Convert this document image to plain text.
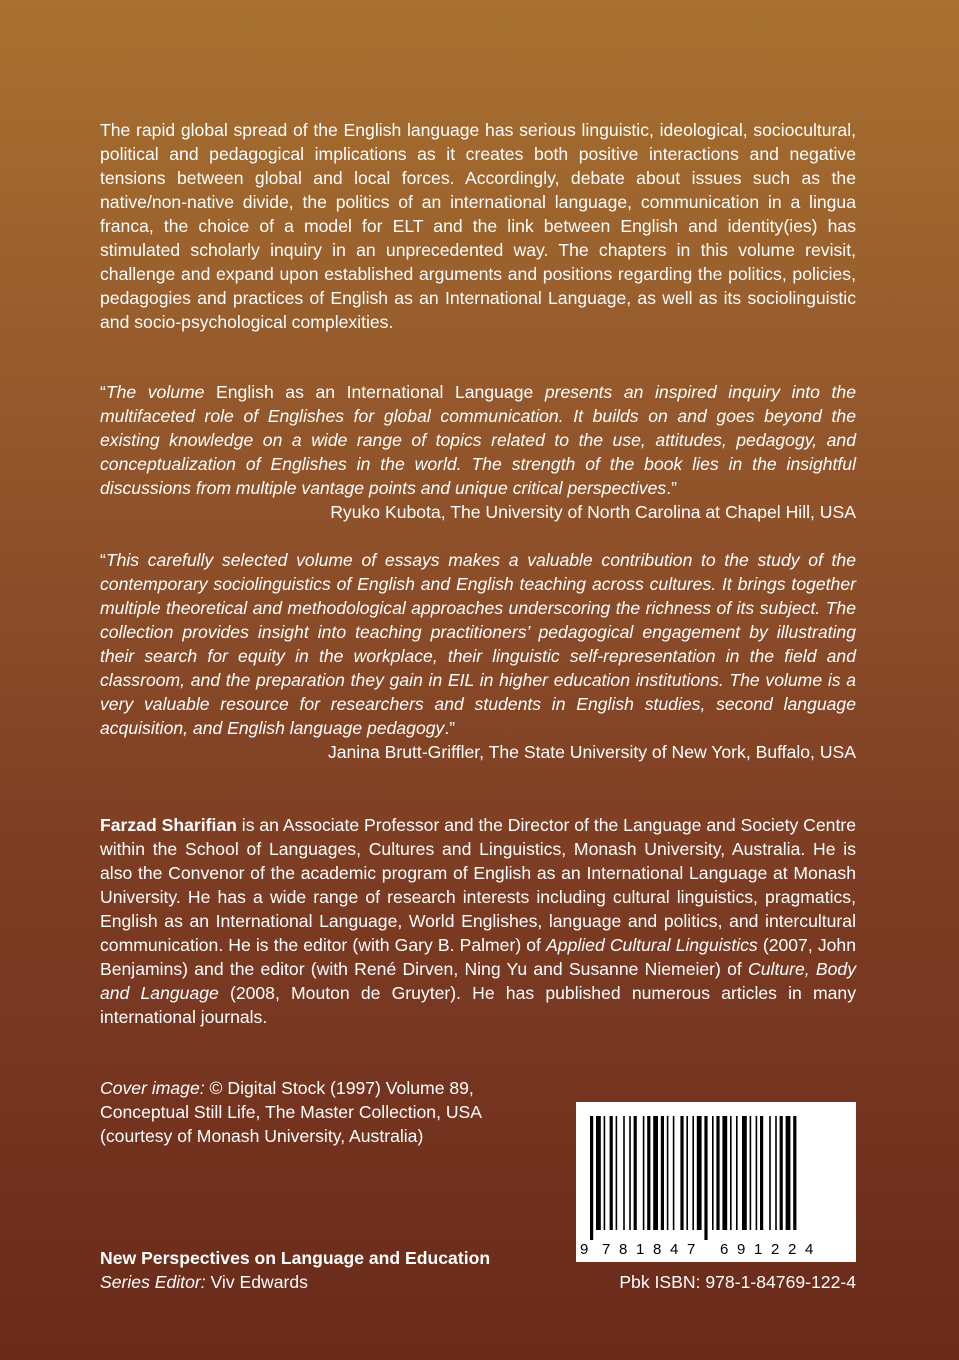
The rapid global spread of the English language has serious linguistic, ideological, sociocultural, political and pedagogical implications as it creates both positive interactions and negative tensions between global and local forces. Accordingly, debate about issues such as the native/non-native divide, the politics of an international language, communication in a lingua franca, the choice of a model for ELT and the link between English and identity(ies) has stimulated scholarly inquiry in an unprecedented way. The chapters in this volume revisit, challenge and expand upon established arguments and positions regarding the politics, policies, pedagogies and practices of English as an International Language, as well as its sociolinguistic and socio-psychological complexities.

“The volume English as an International Language presents an inspired inquiry into the multifaceted role of Englishes for global communication. It builds on and goes beyond the existing knowledge on a wide range of topics related to the use, attitudes, pedagogy, and conceptualization of Englishes in the world. The strength of the book lies in the insightful discussions from multiple vantage points and unique critical perspectives.”

Ryuko Kubota, The University of North Carolina at Chapel Hill, USA

“This carefully selected volume of essays makes a valuable contribution to the study of the contemporary sociolinguistics of English and English teaching across cultures. It brings together multiple theoretical and methodological approaches underscoring the richness of its subject. The collection provides insight into teaching practitioners’ pedagogical engagement by illustrating their search for equity in the workplace, their linguistic self-representation in the field and classroom, and the preparation they gain in EIL in higher education institutions. The volume is a very valuable resource for researchers and students in English studies, second language acquisition, and English language pedagogy.”

Janina Brutt-Griffler, The State University of New York, Buffalo, USA

Farzad Sharifian is an Associate Professor and the Director of the Language and Society Centre within the School of Languages, Cultures and Linguistics, Monash University, Australia. He is also the Convenor of the academic program of English as an International Language at Monash University. He has a wide range of research interests including cultural linguistics, pragmatics, English as an International Language, World Englishes, language and politics, and intercultural communication. He is the editor (with Gary B. Palmer) of Applied Cultural Linguistics (2007, John Benjamins) and the editor (with René Dirven, Ning Yu and Susanne Niemeier) of Culture, Body and Language (2008, Mouton de Gruyter). He has published numerous articles in many international journals.

Cover image: © Digital Stock (1997) Volume 89,
Conceptual Still Life, The Master Collection, USA
(courtesy of Monash University, Australia)
New Perspectives on Language and Education
Series Editor: Viv Edwards
9 7 8 1 8 4 7 6 9 1 2 2 4
Pbk ISBN: 978-1-84769-122-4
